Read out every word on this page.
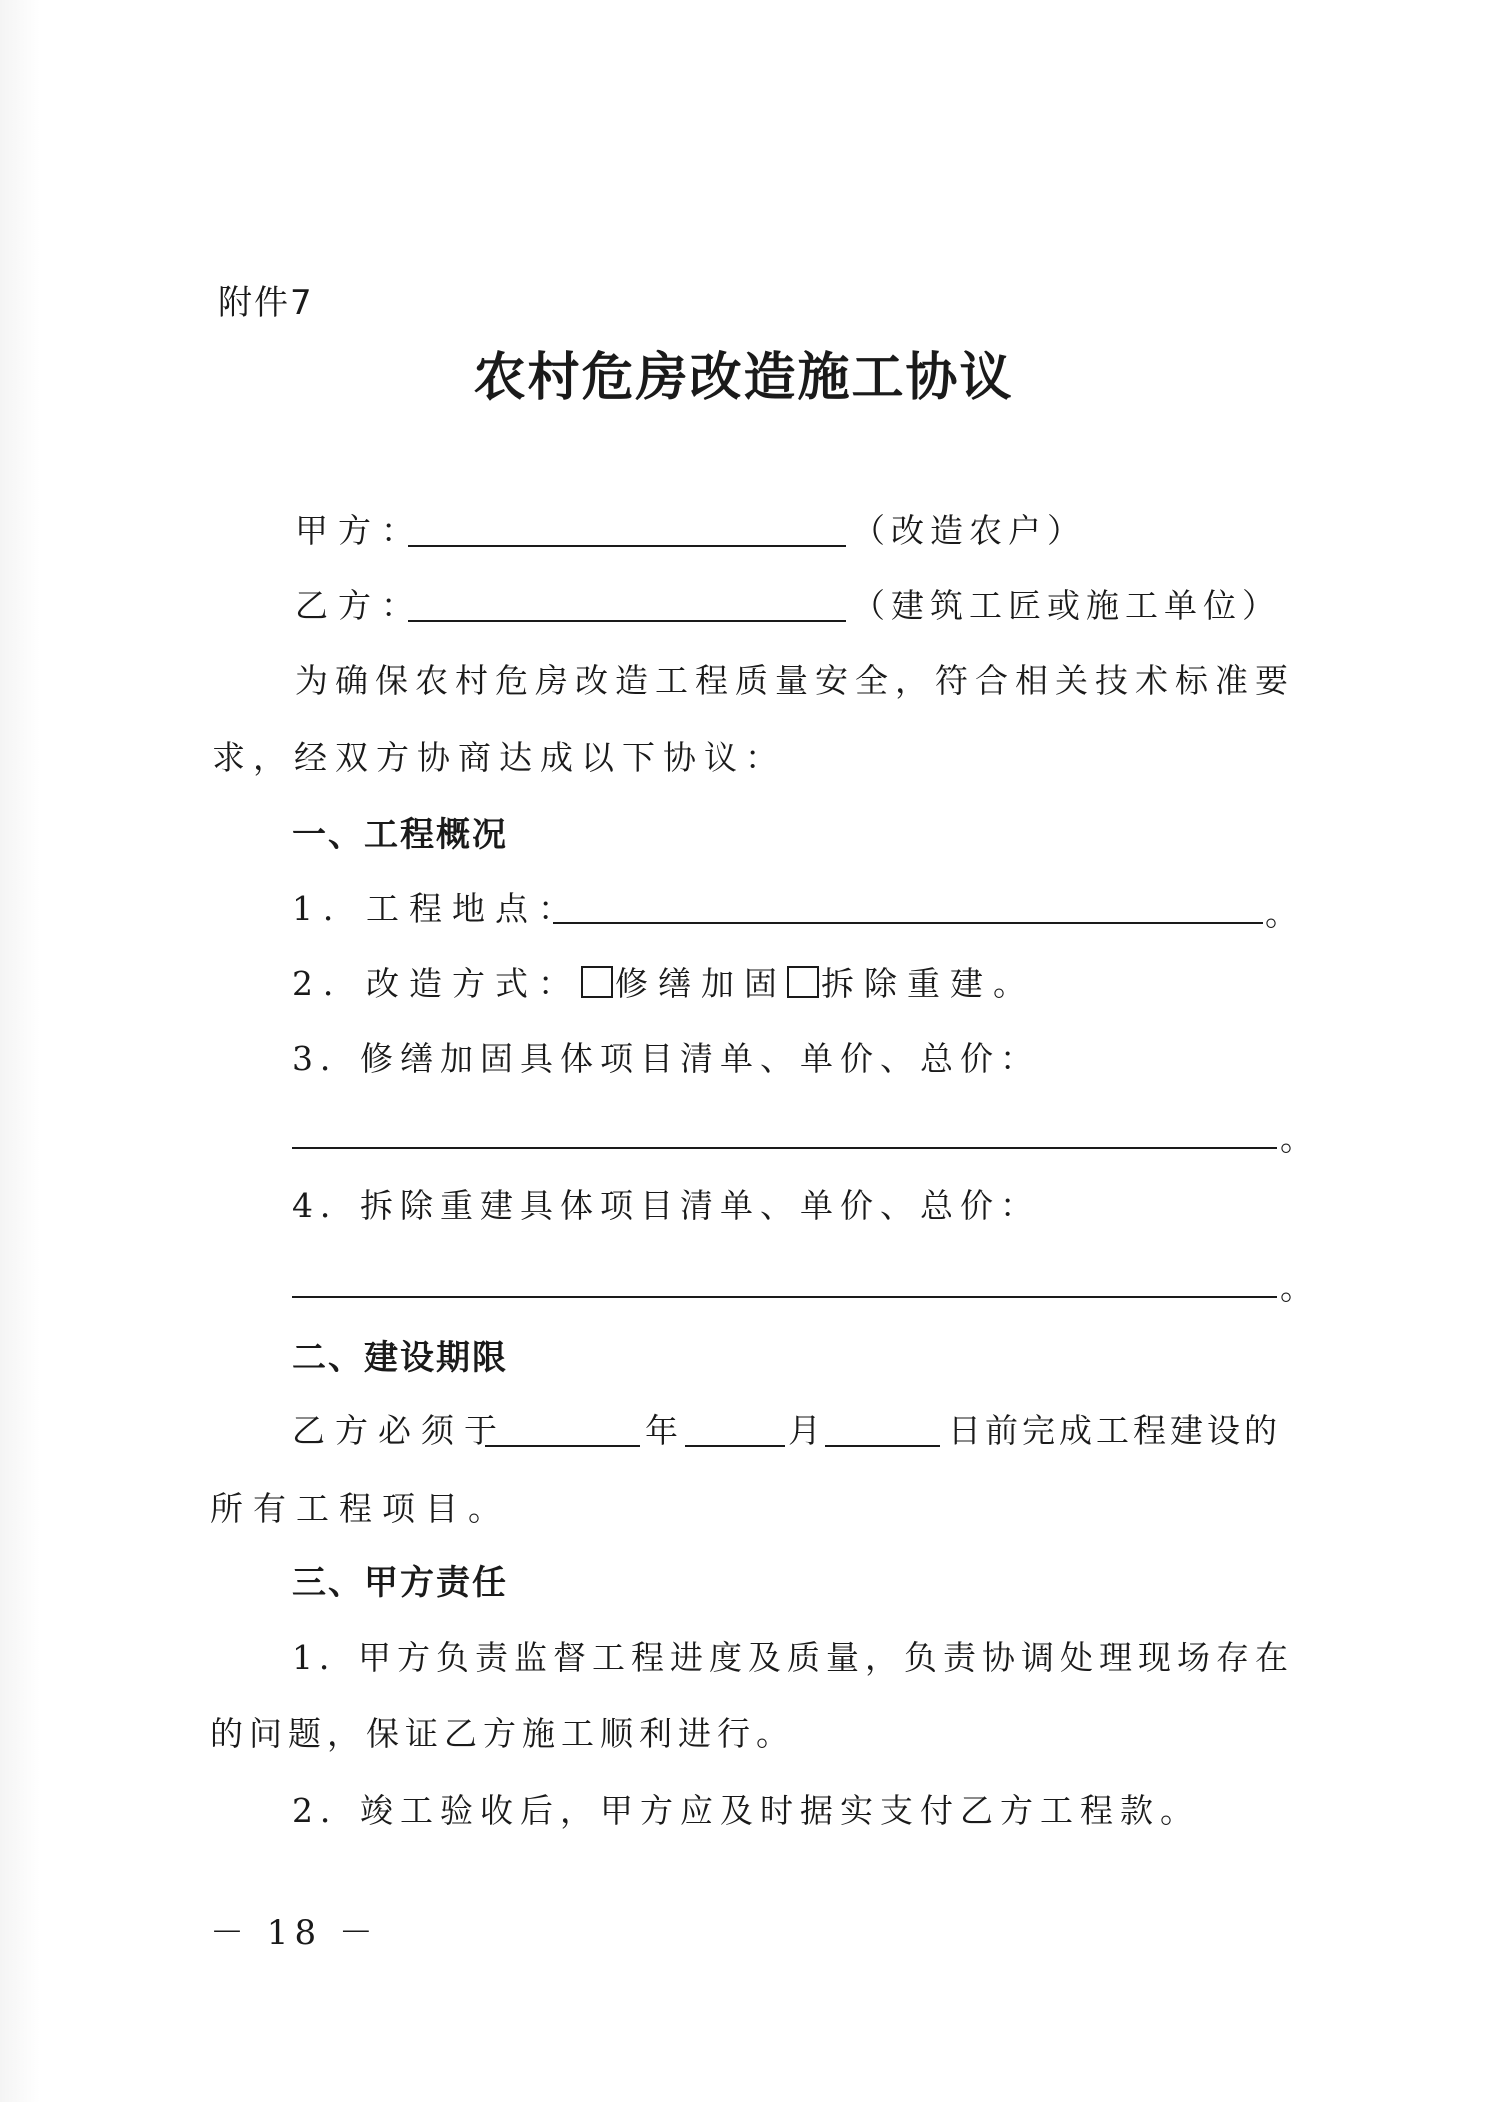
附件7
农村危房改造施工协议
甲方：	（改造农户）
乙方：	（建筑工匠或施工单位）
为确保农村危房改造工程质量安全，符合相关技术标准要
求，经双方协商达成以下协议：
一、工程概况
1．工程地点：	。
2．改造方式： 修缮加固 拆除重建。
3．修缮加固具体项目清单、单价、总价：
。
4．拆除重建具体项目清单、单价、总价：
。
二、建设期限
乙方必须于	年	月	日前完成工程建设的
所有工程项目。
三、甲方责任
1．甲方负责监督工程进度及质量，负责协调处理现场存在
的问题，保证乙方施工顺利进行。
2．竣工验收后，甲方应及时据实支付乙方工程款。
－ 18 －
